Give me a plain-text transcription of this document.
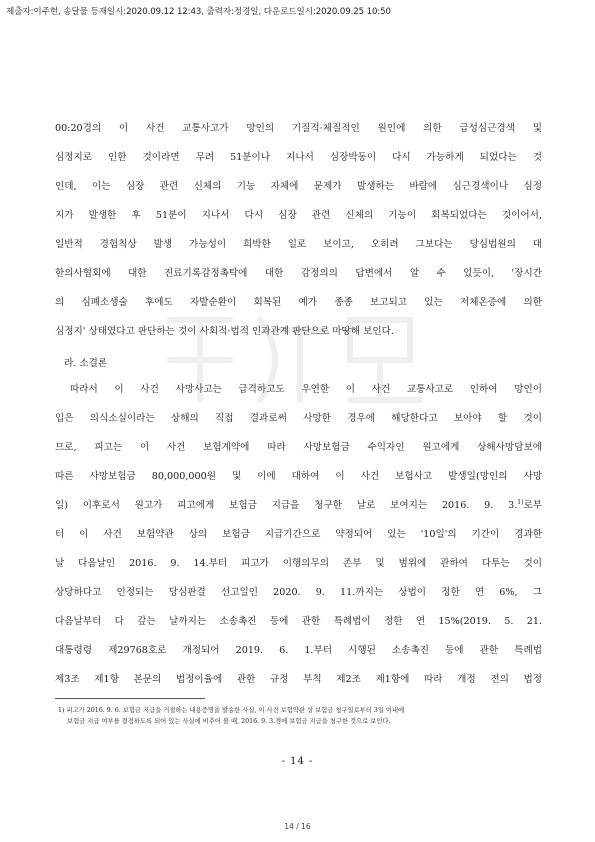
제출자:이주현, 송달물 등재일시:2020.09.12 12:43, 출력자:정경일, 다운로드일시:2020.09.25 10:50
00:20경의 이 사건 교통사고가 망인의 기질적·체질적인 원인에 의한 급성심근경색 및
심정지로 인한 것이라면 무려 51분이나 지나서 심장박동이 다시 가능하게 되었다는 것
인데, 이는 심장 관련 신체의 기능 자체에 문제가 발생하는 바람에 심근경색이나 심정
지가 발생한 후 51분이 지나서 다시 심장 관련 신체의 기능이 회복되었다는 것이어서,
일반적 경험칙상 발생 가능성이 희박한 일로 보이고, 오히려 그보다는 당심법원의 대
한의사협회에 대한 진료기록감정촉탁에 대한 감정의의 답변에서 알 수 있듯이, '장시간
의 심폐소생술 후에도 자발순환이 회복된 예가 종종 보고되고 있는 저체온증에 의한
심정지' 상태였다고 판단하는 것이 사회적·법적 인과관계 판단으로 마땅해 보인다.
라. 소결론
따라서 이 사건 사망사고는 급격하고도 우연한 이 사건 교통사고로 인하여 망인이
입은 의식소실이라는 상해의 직접 결과로써 사망한 경우에 해당한다고 보아야 할 것이
므로, 피고는 이 사건 보험계약에 따라 사망보험금 수익자인 원고에게 상해사망담보에
따른 사망보험금 80,000,000원 및 이에 대하여 이 사건 보험사고 발생일(망인의 사망
일) 이후로서 원고가 피고에게 보험금 지급을 청구한 날로 보여지는 2016. 9. 3.$^{1)}$로부
터 이 사건 보험약관 상의 보험금 지급기간으로 약정되어 있는 '10일'의 기간이 경과한
날 다음날인 2016. 9. 14.부터 피고가 이행의무의 존부 및 범위에 관하여 다투는 것이
상당하다고 인정되는 당심판결 선고일인 2020. 9. 11.까지는 상법이 정한 연 6%, 그
다음날부터 다 갚는 날까지는 소송촉진 등에 관한 특례법이 정한 연 15%(2019. 5. 21.
대통령령 제29768호로 개정되어 2019. 6. 1.부터 시행된 소송촉진 등에 관한 특례법
제3조 제1항 본문의 법정이율에 관한 규정 부칙 제2조 제1항에 따라 개정 전의 법정
1) 피고가 2016. 9. 6. 보험금 지급을 거절하는 내용증명을 발송한 사실, 이 사건 보험약관 상 보험금 청구일로부터 3일 이내에
보험금 지급 여부를 결정하도록 되어 있는 사실에 비추어 볼 때, 2016. 9. 3.경에 보험금 지급을 청구한 것으로 보인다.
- 14 -
14 / 16
